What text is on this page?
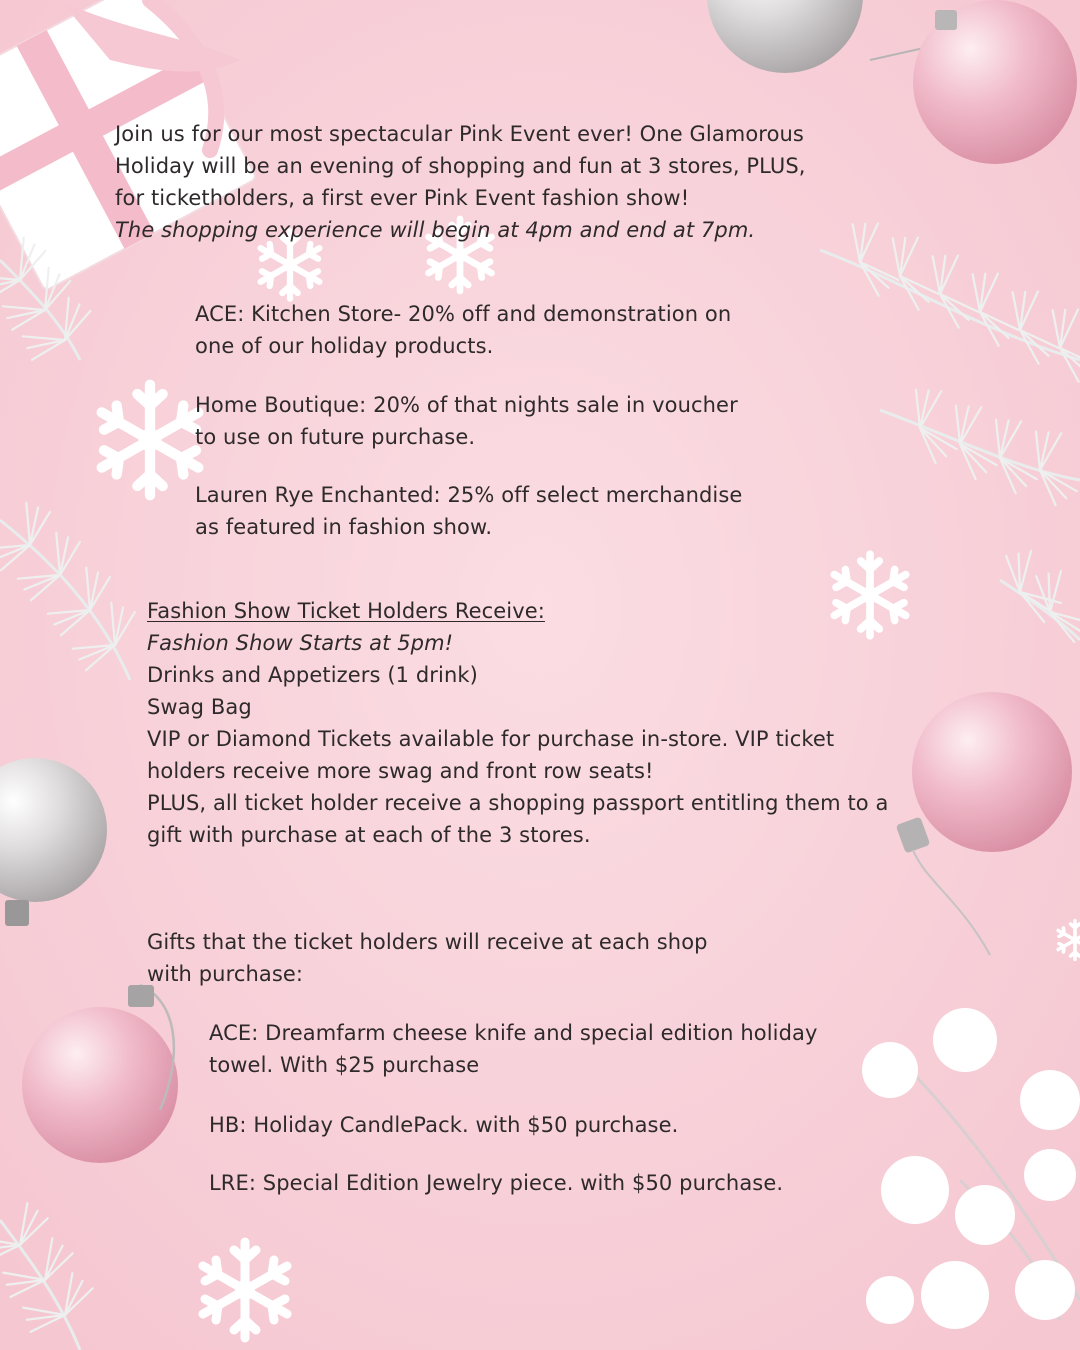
Join us for our most spectacular Pink Event ever! One Glamorous
Holiday will be an evening of shopping and fun at 3 stores, PLUS,
for ticketholders, a first ever Pink Event fashion show!
The shopping experience will begin at 4pm and end at 7pm.
ACE: Kitchen Store- 20% off and demonstration on
one of our holiday products.
Home Boutique: 20% of that nights sale in voucher
to use on future purchase.
Lauren Rye Enchanted: 25% off select merchandise
as featured in fashion show.
Fashion Show Ticket Holders Receive:
Fashion Show Starts at 5pm!
Drinks and Appetizers (1 drink)
Swag Bag
VIP or Diamond Tickets available for purchase in-store. VIP ticket
holders receive more swag and front row seats!
PLUS, all ticket holder receive a shopping passport entitling them to a
gift with purchase at each of the 3 stores.
Gifts that the ticket holders will receive at each shop
with purchase:
ACE: Dreamfarm cheese knife and special edition holiday
towel. With $25 purchase
HB: Holiday CandlePack. with $50 purchase.
LRE: Special Edition Jewelry piece. with $50 purchase.
